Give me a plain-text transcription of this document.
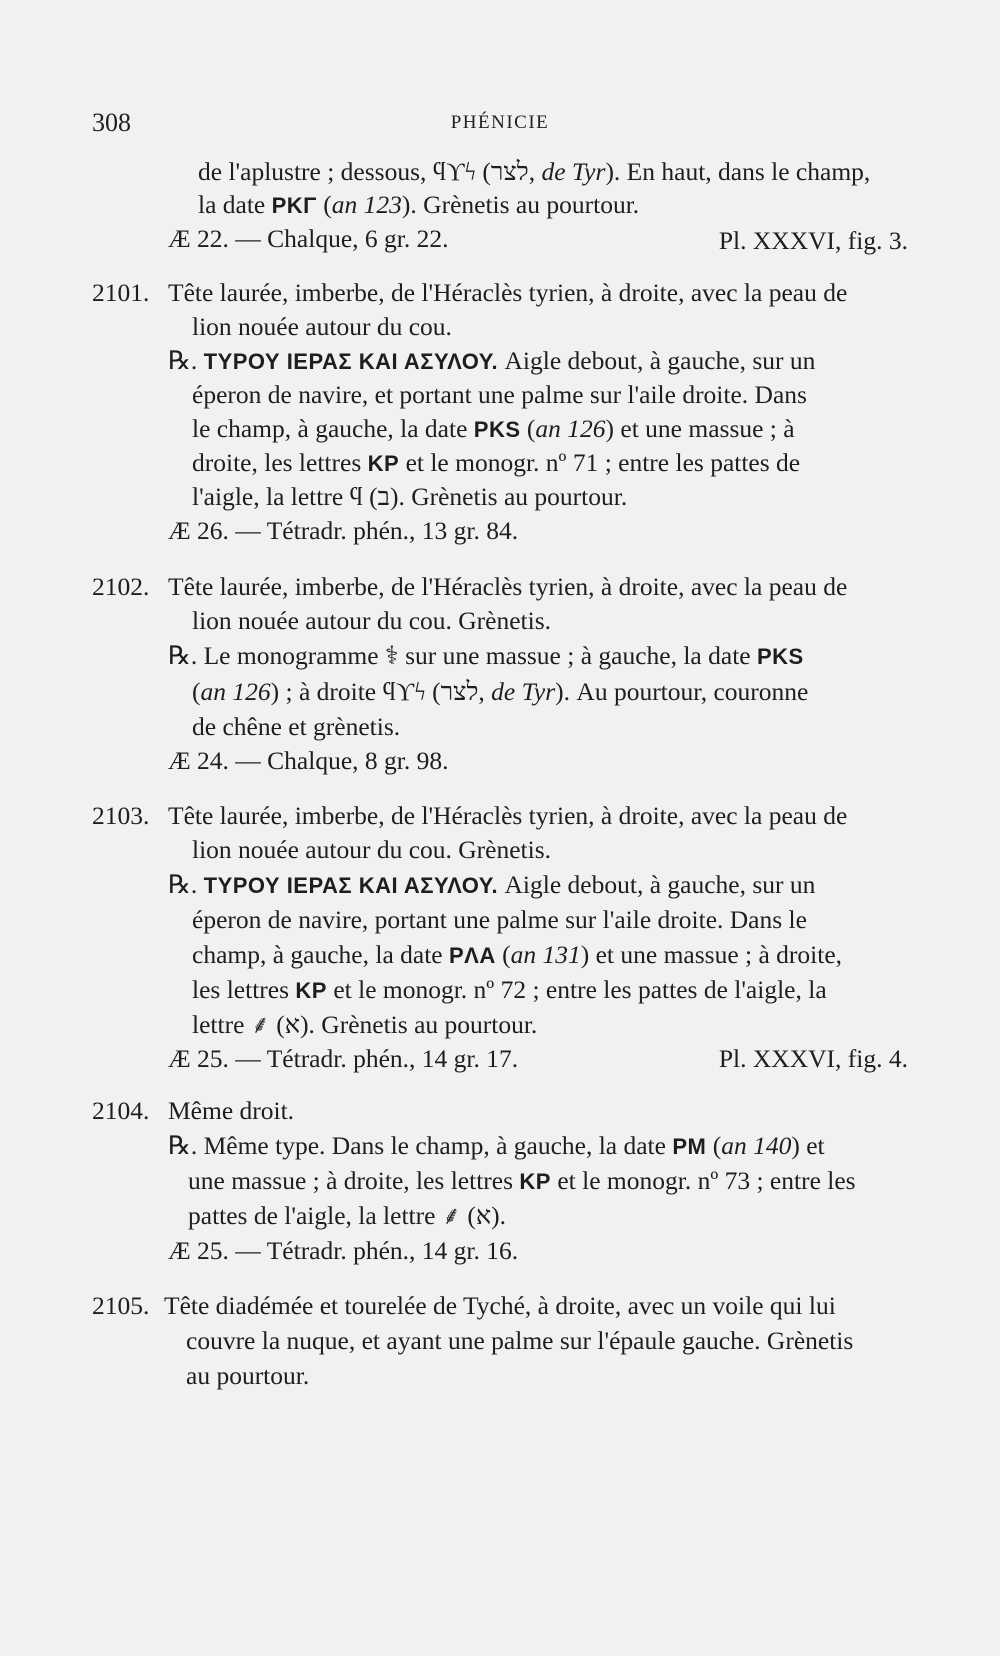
308	PHÉNICIE
de l'aplustre ; dessous, ϥϒϟ (לצר, de Tyr). En haut, dans le champ,
la date PKΓ (an 123). Grènetis au pourtour.
Æ 22. — Chalque, 6 gr. 22.	Pl. XXXVI, fig. 3.
2101. Tête laurée, imberbe, de l'Héraclès tyrien, à droite, avec la peau de
lion nouée autour du cou.
℞. ΤΥΡΟΥ ΙΕΡΑΣ ΚΑΙ ΑΣΥΛΟΥ. Aigle debout, à gauche, sur un
éperon de navire, et portant une palme sur l'aile droite. Dans
le champ, à gauche, la date PKS (an 126) et une massue ; à
droite, les lettres KP et le monogr. nº 71 ; entre les pattes de
l'aigle, la lettre ϥ (ב). Grènetis au pourtour.
Æ 26. — Tétradr. phén., 13 gr. 84.
2102. Tête laurée, imberbe, de l'Héraclès tyrien, à droite, avec la peau de
lion nouée autour du cou. Grènetis.
℞. Le monogramme ⚕ sur une massue ; à gauche, la date PKS
(an 126) ; à droite ϥϒϟ (לצר, de Tyr). Au pourtour, couronne
de chêne et grènetis.
Æ 24. — Chalque, 8 gr. 98.
2103. Tête laurée, imberbe, de l'Héraclès tyrien, à droite, avec la peau de
lion nouée autour du cou. Grènetis.
℞. ΤΥΡΟΥ ΙΕΡΑΣ ΚΑΙ ΑΣΥΛΟΥ. Aigle debout, à gauche, sur un
éperon de navire, portant une palme sur l'aile droite. Dans le
champ, à gauche, la date PΛA (an 131) et une massue ; à droite,
les lettres KP et le monogr. nº 72 ; entre les pattes de l'aigle, la
lettre ⸙ (א). Grènetis au pourtour.
Æ 25. — Tétradr. phén., 14 gr. 17.	Pl. XXXVI, fig. 4.
2104. Même droit.
℞. Même type. Dans le champ, à gauche, la date PM (an 140) et
une massue ; à droite, les lettres KP et le monogr. nº 73 ; entre les
pattes de l'aigle, la lettre ⸙ (א).
Æ 25. — Tétradr. phén., 14 gr. 16.
2105. Tête diadémée et tourelée de Tyché, à droite, avec un voile qui lui
couvre la nuque, et ayant une palme sur l'épaule gauche. Grènetis
au pourtour.
